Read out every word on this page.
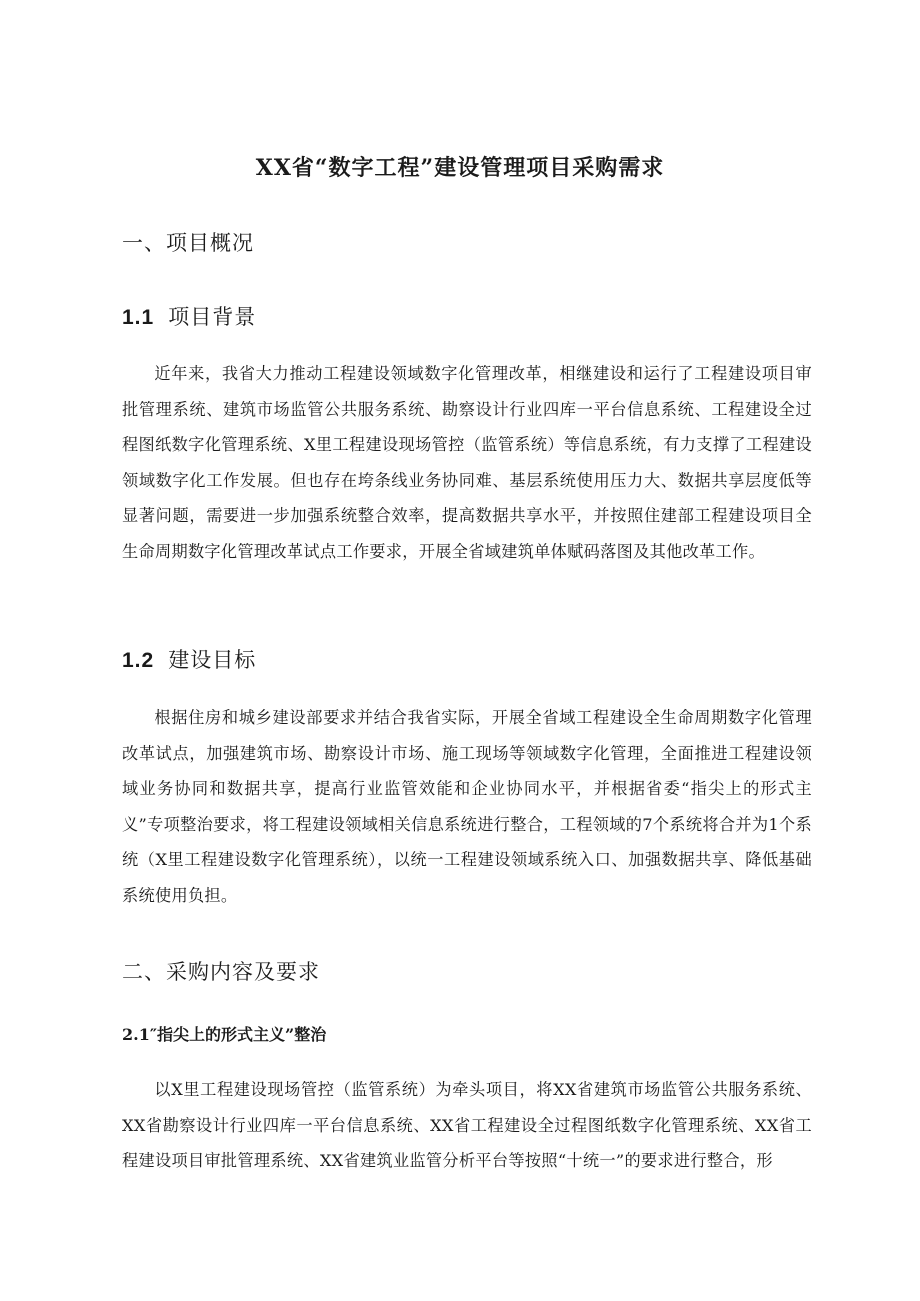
XX省“数字工程”建设管理项目采购需求
一、项目概况
1.1 项目背景

近年来，我省大力推动工程建设领域数字化管理改革，相继建设和运行了工程建设项目审批管理系统、建筑市场监管公共服务系统、勘察设计行业四库一平台信息系统、工程建设全过程图纸数字化管理系统、X里工程建设现场管控（监管系统）等信息系统，有力支撑了工程建设领域数字化工作发展。但也存在垮条线业务协同难、基层系统使用压力大、数据共享层度低等显著问题，需要进一步加强系统整合效率，提高数据共享水平，并按照住建部工程建设项目全生命周期数字化管理改革试点工作要求，开展全省域建筑单体赋码落图及其他改革工作。

1.2 建设目标

根据住房和城乡建设部要求并结合我省实际，开展全省域工程建设全生命周期数字化管理改革试点，加强建筑市场、勘察设计市场、施工现场等领域数字化管理，全面推进工程建设领域业务协同和数据共享，提高行业监管效能和企业协同水平，并根据省委“指尖上的形式主义”专项整治要求，将工程建设领域相关信息系统进行整合，工程领域的7个系统将合并为1个系统（X里工程建设数字化管理系统），以统一工程建设领域系统入口、加强数据共享、降低基础系统使用负担。

二、采购内容及要求
2.1″指尖上的形式主义”整治

以X里工程建设现场管控（监管系统）为牵头项目，将XX省建筑市场监管公共服务系统、XX省勘察设计行业四库一平台信息系统、XX省工程建设全过程图纸数字化管理系统、XX省工程建设项目审批管理系统、XX省建筑业监管分析平台等按照“十统一”的要求进行整合，形
